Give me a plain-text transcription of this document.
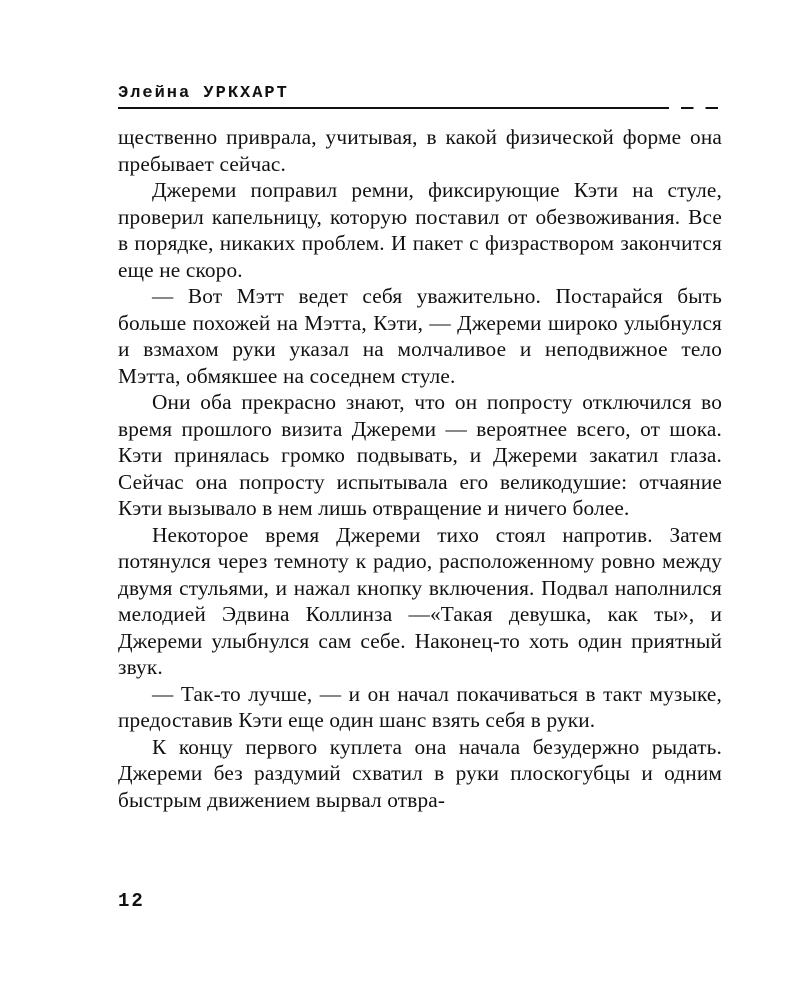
Элейна УРКХАРТ

щественно приврала, учитывая, в какой физической форме она пребывает сейчас.

Джереми поправил ремни, фиксирующие Кэти на стуле, проверил капельницу, которую поставил от обезвоживания. Все в порядке, никаких проблем. И пакет с физраствором закончится еще не скоро.

— Вот Мэтт ведет себя уважительно. Постарайся быть больше похожей на Мэтта, Кэти, — Джереми широко улыбнулся и взмахом руки указал на молчаливое и неподвижное тело Мэтта, обмякшее на соседнем стуле.

Они оба прекрасно знают, что он попросту отключился во время прошлого визита Джереми — вероятнее всего, от шока. Кэти принялась громко подвывать, и Джереми закатил глаза. Сейчас она попросту испытывала его великодушие: отчаяние Кэти вызывало в нем лишь отвращение и ничего более.

Некоторое время Джереми тихо стоял напротив. Затем потянулся через темноту к радио, расположенному ровно между двумя стульями, и нажал кнопку включения. Подвал наполнился мелодией Эдвина Коллинза —«Такая девушка, как ты», и Джереми улыбнулся сам себе. Наконец-то хоть один приятный звук.

— Так-то лучше, — и он начал покачиваться в такт музыке, предоставив Кэти еще один шанс взять себя в руки.

К концу первого куплета она начала безудержно рыдать. Джереми без раздумий схватил в руки плоскогубцы и одним быстрым движением вырвал отвра-

12
